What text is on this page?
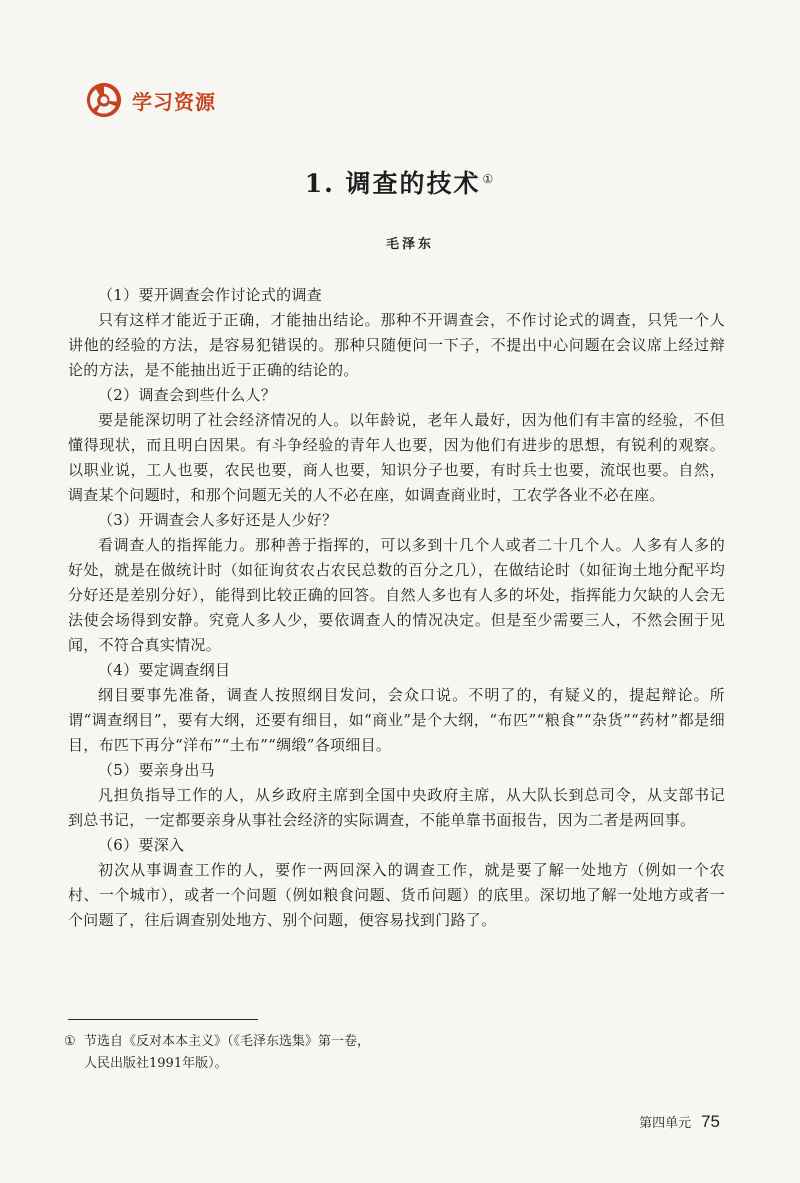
学习资源
1. 调查的技术 ①
毛泽东

（1）要开调查会作讨论式的调查

只有这样才能近于正确，才能抽出结论。那种不开调查会，不作讨论式的调查，只凭一个人讲他的经验的方法，是容易犯错误的。那种只随便问一下子，不提出中心问题在会议席上经过辩论的方法，是不能抽出近于正确的结论的。

（2）调查会到些什么人？

要是能深切明了社会经济情况的人。以年龄说，老年人最好，因为他们有丰富的经验，不但懂得现状，而且明白因果。有斗争经验的青年人也要，因为他们有进步的思想，有锐利的观察。以职业说，工人也要，农民也要，商人也要，知识分子也要，有时兵士也要，流氓也要。自然，调查某个问题时，和那个问题无关的人不必在座，如调查商业时，工农学各业不必在座。

（3）开调查会人多好还是人少好？

看调查人的指挥能力。那种善于指挥的，可以多到十几个人或者二十几个人。人多有人多的好处，就是在做统计时（如征询贫农占农民总数的百分之几），在做结论时（如征询土地分配平均分好还是差别分好），能得到比较正确的回答。自然人多也有人多的坏处，指挥能力欠缺的人会无法使会场得到安静。究竟人多人少，要依调查人的情况决定。但是至少需要三人，不然会囿于见闻，不符合真实情况。

（4）要定调查纲目

纲目要事先准备，调查人按照纲目发问，会众口说。不明了的，有疑义的，提起辩论。所谓“调查纲目”，要有大纲，还要有细目，如“商业”是个大纲，“布匹”“粮食”“杂货”“药材”都是细目，布匹下再分“洋布”“土布”“绸缎”各项细目。

（5）要亲身出马

凡担负指导工作的人，从乡政府主席到全国中央政府主席，从大队长到总司令，从支部书记到总书记，一定都要亲身从事社会经济的实际调查，不能单靠书面报告，因为二者是两回事。

（6）要深入

初次从事调查工作的人，要作一两回深入的调查工作，就是要了解一处地方（例如一个农村、一个城市），或者一个问题（例如粮食问题、货币问题）的底里。深切地了解一处地方或者一个问题了，往后调查别处地方、别个问题，便容易找到门路了。

① 节选自《反对本本主义》（《毛泽东选集》第一卷，
人民出版社1991年版）。
第四单元 75
